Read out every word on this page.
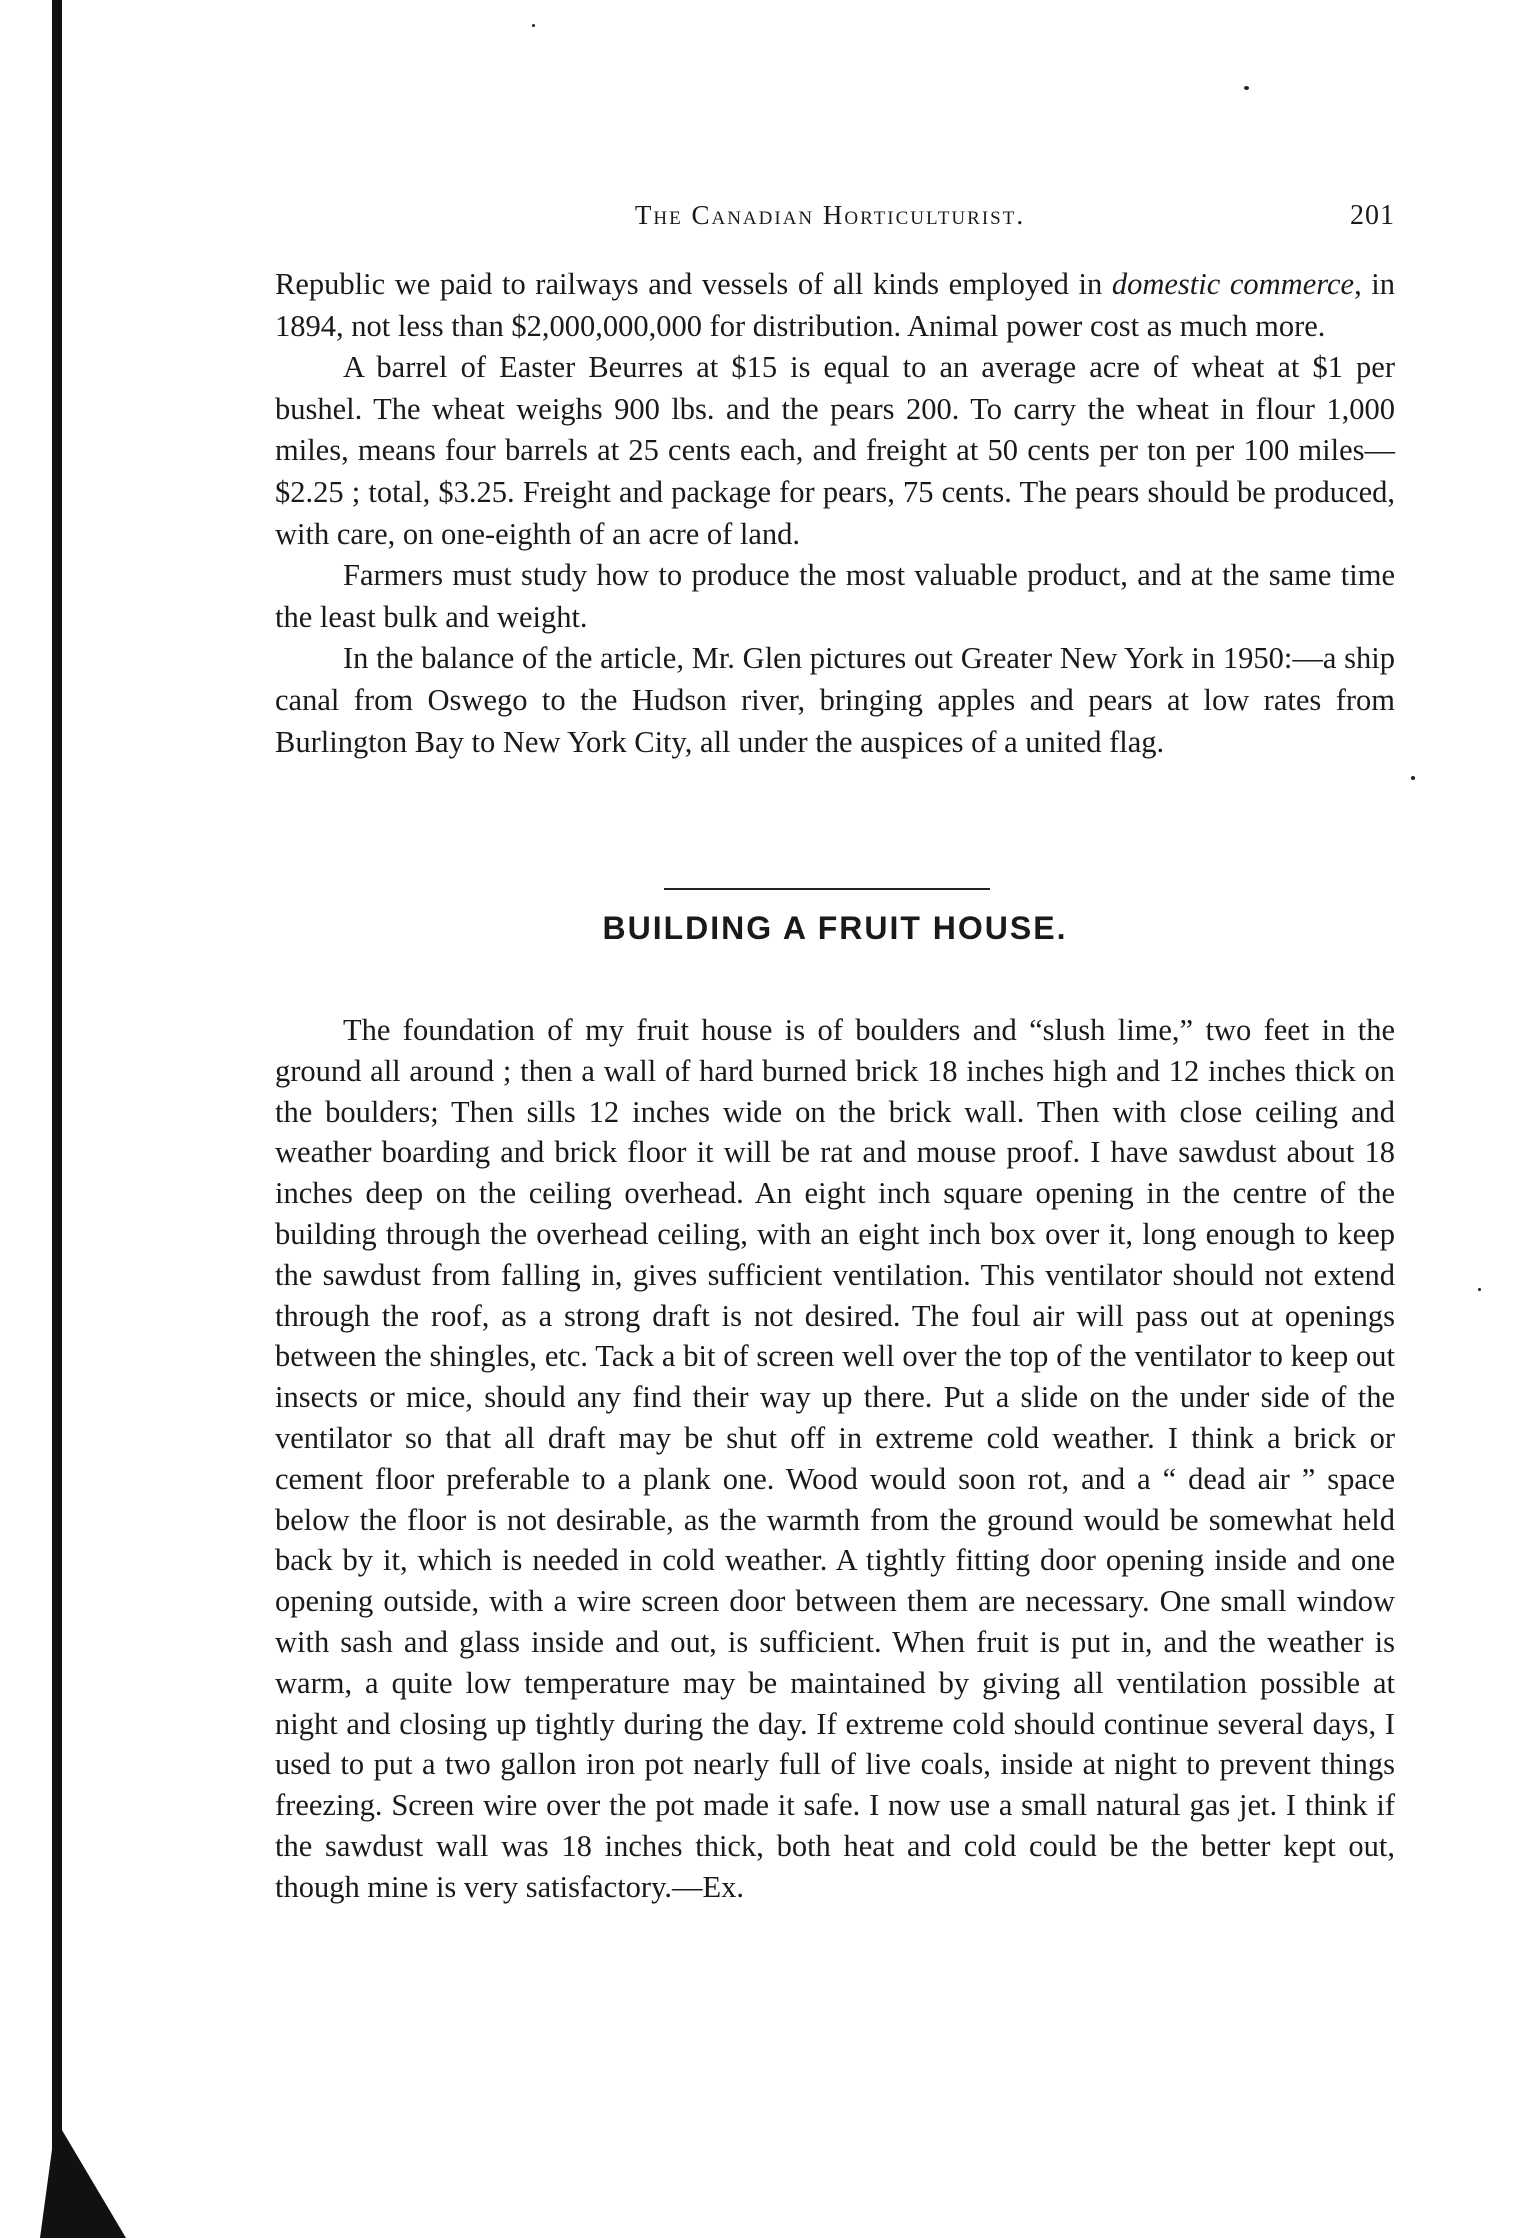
The Canadian Horticulturist.	201

Republic we paid to railways and vessels of all kinds employed in domestic commerce, in 1894, not less than $2,000,000,000 for distribution. Animal power cost as much more.

A barrel of Easter Beurres at $15 is equal to an average acre of wheat at $1 per bushel. The wheat weighs 900 lbs. and the pears 200. To carry the wheat in flour 1,000 miles, means four barrels at 25 cents each, and freight at 50 cents per ton per 100 miles—$2.25 ; total, $3.25. Freight and package for pears, 75 cents. The pears should be produced, with care, on one-eighth of an acre of land.

Farmers must study how to produce the most valuable product, and at the same time the least bulk and weight.

In the balance of the article, Mr. Glen pictures out Greater New York in 1950:—a ship canal from Oswego to the Hudson river, bringing apples and pears at low rates from Burlington Bay to New York City, all under the auspices of a united flag.

BUILDING A FRUIT HOUSE.

The foundation of my fruit house is of boulders and “slush lime,” two feet in the ground all around ; then a wall of hard burned brick 18 inches high and 12 inches thick on the boulders; Then sills 12 inches wide on the brick wall. Then with close ceiling and weather boarding and brick floor it will be rat and mouse proof. I have sawdust about 18 inches deep on the ceiling overhead. An eight inch square opening in the centre of the building through the overhead ceiling, with an eight inch box over it, long enough to keep the sawdust from falling in, gives sufficient ventilation. This ventilator should not extend through the roof, as a strong draft is not desired. The foul air will pass out at openings between the shingles, etc. Tack a bit of screen well over the top of the ventilator to keep out insects or mice, should any find their way up there. Put a slide on the under side of the ventilator so that all draft may be shut off in extreme cold weather. I think a brick or cement floor preferable to a plank one. Wood would soon rot, and a “ dead air ” space below the floor is not desirable, as the warmth from the ground would be somewhat held back by it, which is needed in cold weather. A tightly fitting door opening inside and one opening outside, with a wire screen door between them are necessary. One small window with sash and glass inside and out, is sufficient. When fruit is put in, and the weather is warm, a quite low temperature may be maintained by giving all ventilation possible at night and closing up tightly during the day. If extreme cold should continue several days, I used to put a two gallon iron pot nearly full of live coals, inside at night to prevent things freezing. Screen wire over the pot made it safe. I now use a small natural gas jet. I think if the sawdust wall was 18 inches thick, both heat and cold could be the better kept out, though mine is very satisfactory.—Ex.
